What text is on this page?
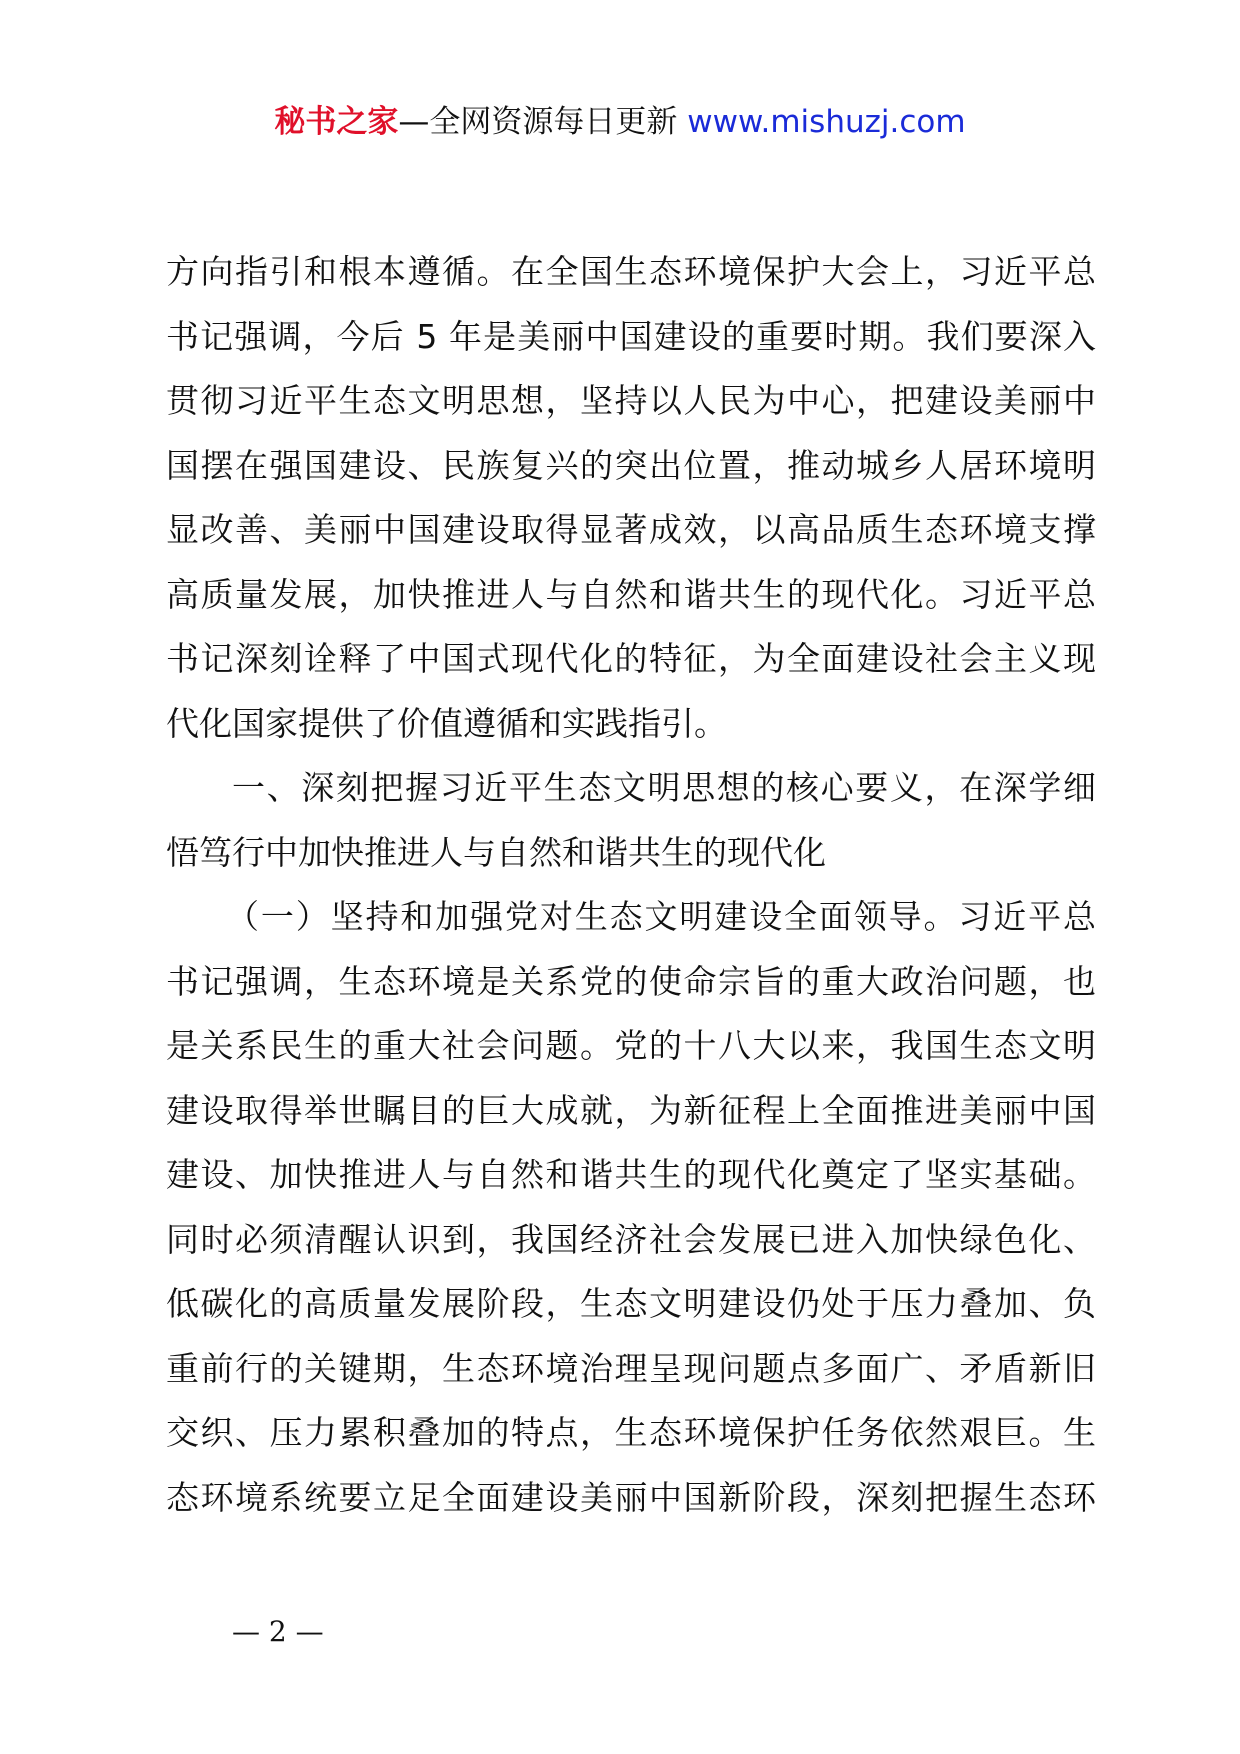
秘书之家—全网资源每日更新 www.mishuzj.com
方向指引和根本遵循。在全国生态环境保护大会上，习近平总
书记强调，今后 5 年是美丽中国建设的重要时期。我们要深入
贯彻习近平生态文明思想，坚持以人民为中心，把建设美丽中
国摆在强国建设、民族复兴的突出位置，推动城乡人居环境明
显改善、美丽中国建设取得显著成效，以高品质生态环境支撑
高质量发展，加快推进人与自然和谐共生的现代化。习近平总
书记深刻诠释了中国式现代化的特征，为全面建设社会主义现
代化国家提供了价值遵循和实践指引。
一、深刻把握习近平生态文明思想的核心要义，在深学细
悟笃行中加快推进人与自然和谐共生的现代化
（一）坚持和加强党对生态文明建设全面领导。习近平总
书记强调，生态环境是关系党的使命宗旨的重大政治问题，也
是关系民生的重大社会问题。党的十八大以来，我国生态文明
建设取得举世瞩目的巨大成就，为新征程上全面推进美丽中国
建设、加快推进人与自然和谐共生的现代化奠定了坚实基础。
同时必须清醒认识到，我国经济社会发展已进入加快绿色化、
低碳化的高质量发展阶段，生态文明建设仍处于压力叠加、负
重前行的关键期，生态环境治理呈现问题点多面广、矛盾新旧
交织、压力累积叠加的特点，生态环境保护任务依然艰巨。生
态环境系统要立足全面建设美丽中国新阶段，深刻把握生态环
— 2 —
